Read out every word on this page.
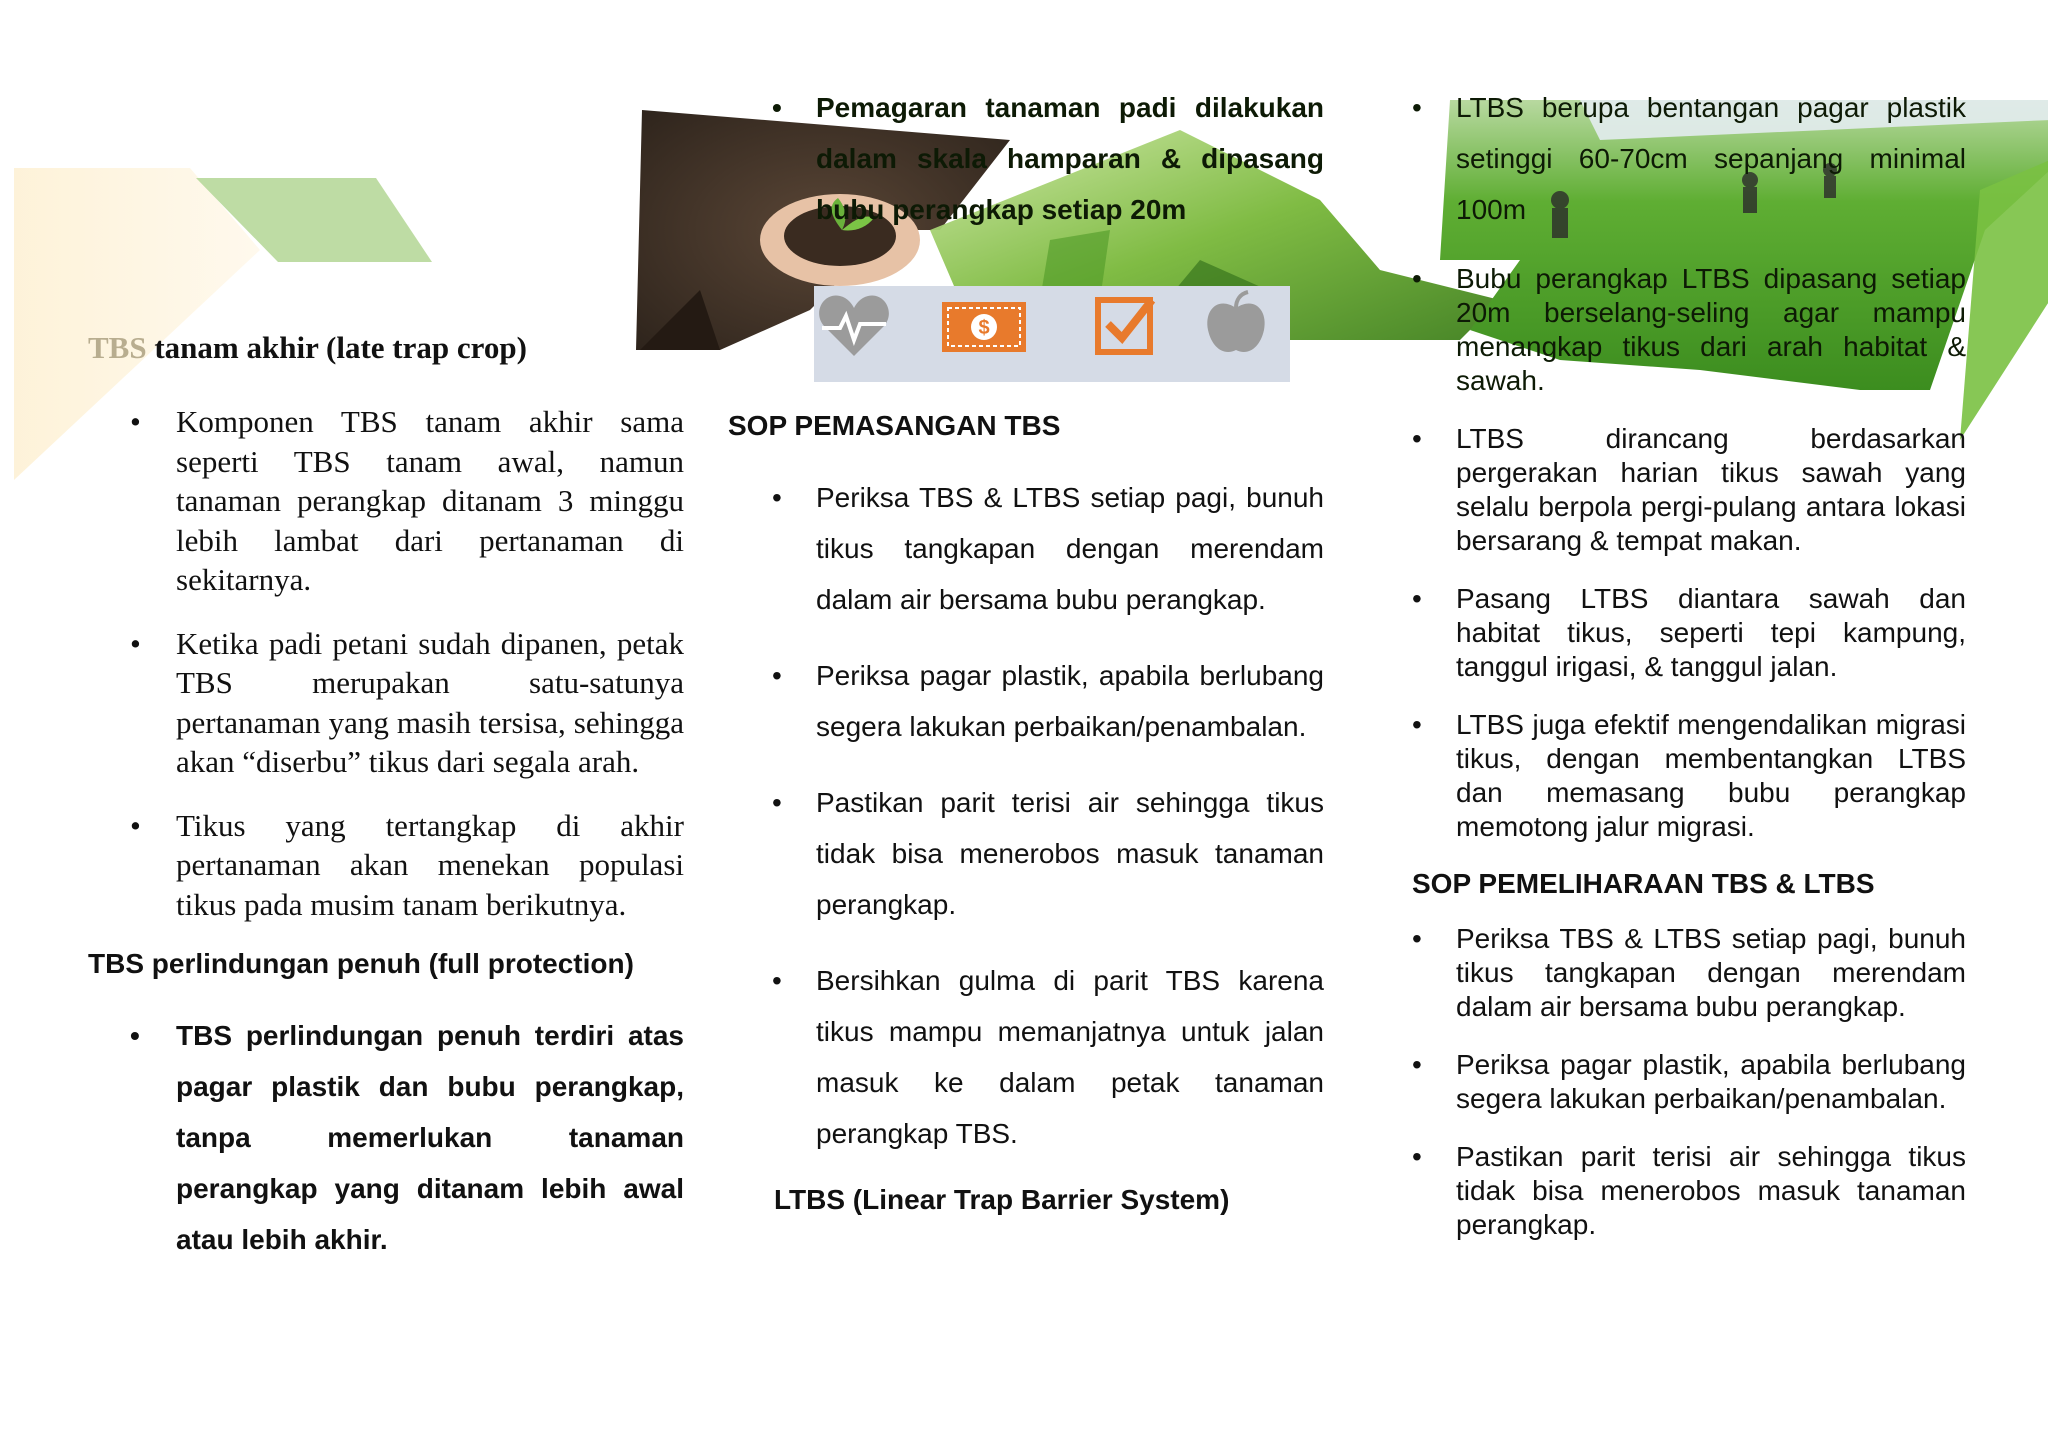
$
TBS tanam akhir (late trap crop)
• Komponen TBS tanam akhir sama seperti TBS tanam awal, namun tanaman perangkap ditanam 3 minggu lebih lambat dari pertanaman di sekitarnya.
• Ketika padi petani sudah dipanen, petak TBS merupakan satu-satunya pertanaman yang masih tersisa, sehingga akan “diserbu” tikus dari segala arah.
• Tikus yang tertangkap di akhir pertanaman akan menekan populasi tikus pada musim tanam berikutnya.
TBS perlindungan penuh (full protection)
• TBS perlindungan penuh terdiri atas pagar plastik dan bubu perangkap, tanpa memerlukan tanaman perangkap yang ditanam lebih awal atau lebih akhir.
• Pemagaran tanaman padi dilakukan dalam skala hamparan & dipasang bubu perangkap setiap 20m
SOP PEMASANGAN TBS
• Periksa TBS & LTBS setiap pagi, bunuh tikus tangkapan dengan merendam dalam air bersama bubu perangkap.
• Periksa pagar plastik, apabila berlubang segera lakukan perbaikan/penambalan.
• Pastikan parit terisi air sehingga tikus tidak bisa menerobos masuk tanaman perangkap.
• Bersihkan gulma di parit TBS karena tikus mampu memanjatnya untuk jalan masuk ke dalam petak tanaman perangkap TBS.
LTBS (Linear Trap Barrier System)
• LTBS berupa bentangan pagar plastik setinggi 60-70cm sepanjang minimal 100m
• Bubu perangkap LTBS dipasang setiap 20m berselang-seling agar mampu menangkap tikus dari arah habitat & sawah.
• LTBS dirancang berdasarkan pergerakan harian tikus sawah yang selalu berpola pergi-pulang antara lokasi bersarang & tempat makan.
• Pasang LTBS diantara sawah dan habitat tikus, seperti tepi kampung, tanggul irigasi, & tanggul jalan.
• LTBS juga efektif mengendalikan migrasi tikus, dengan membentangkan LTBS dan memasang bubu perangkap memotong jalur migrasi.
SOP PEMELIHARAAN TBS & LTBS
• Periksa TBS & LTBS setiap pagi, bunuh tikus tangkapan dengan merendam dalam air bersama bubu perangkap.
• Periksa pagar plastik, apabila berlubang segera lakukan perbaikan/penambalan.
• Pastikan parit terisi air sehingga tikus tidak bisa menerobos masuk tanaman perangkap.
